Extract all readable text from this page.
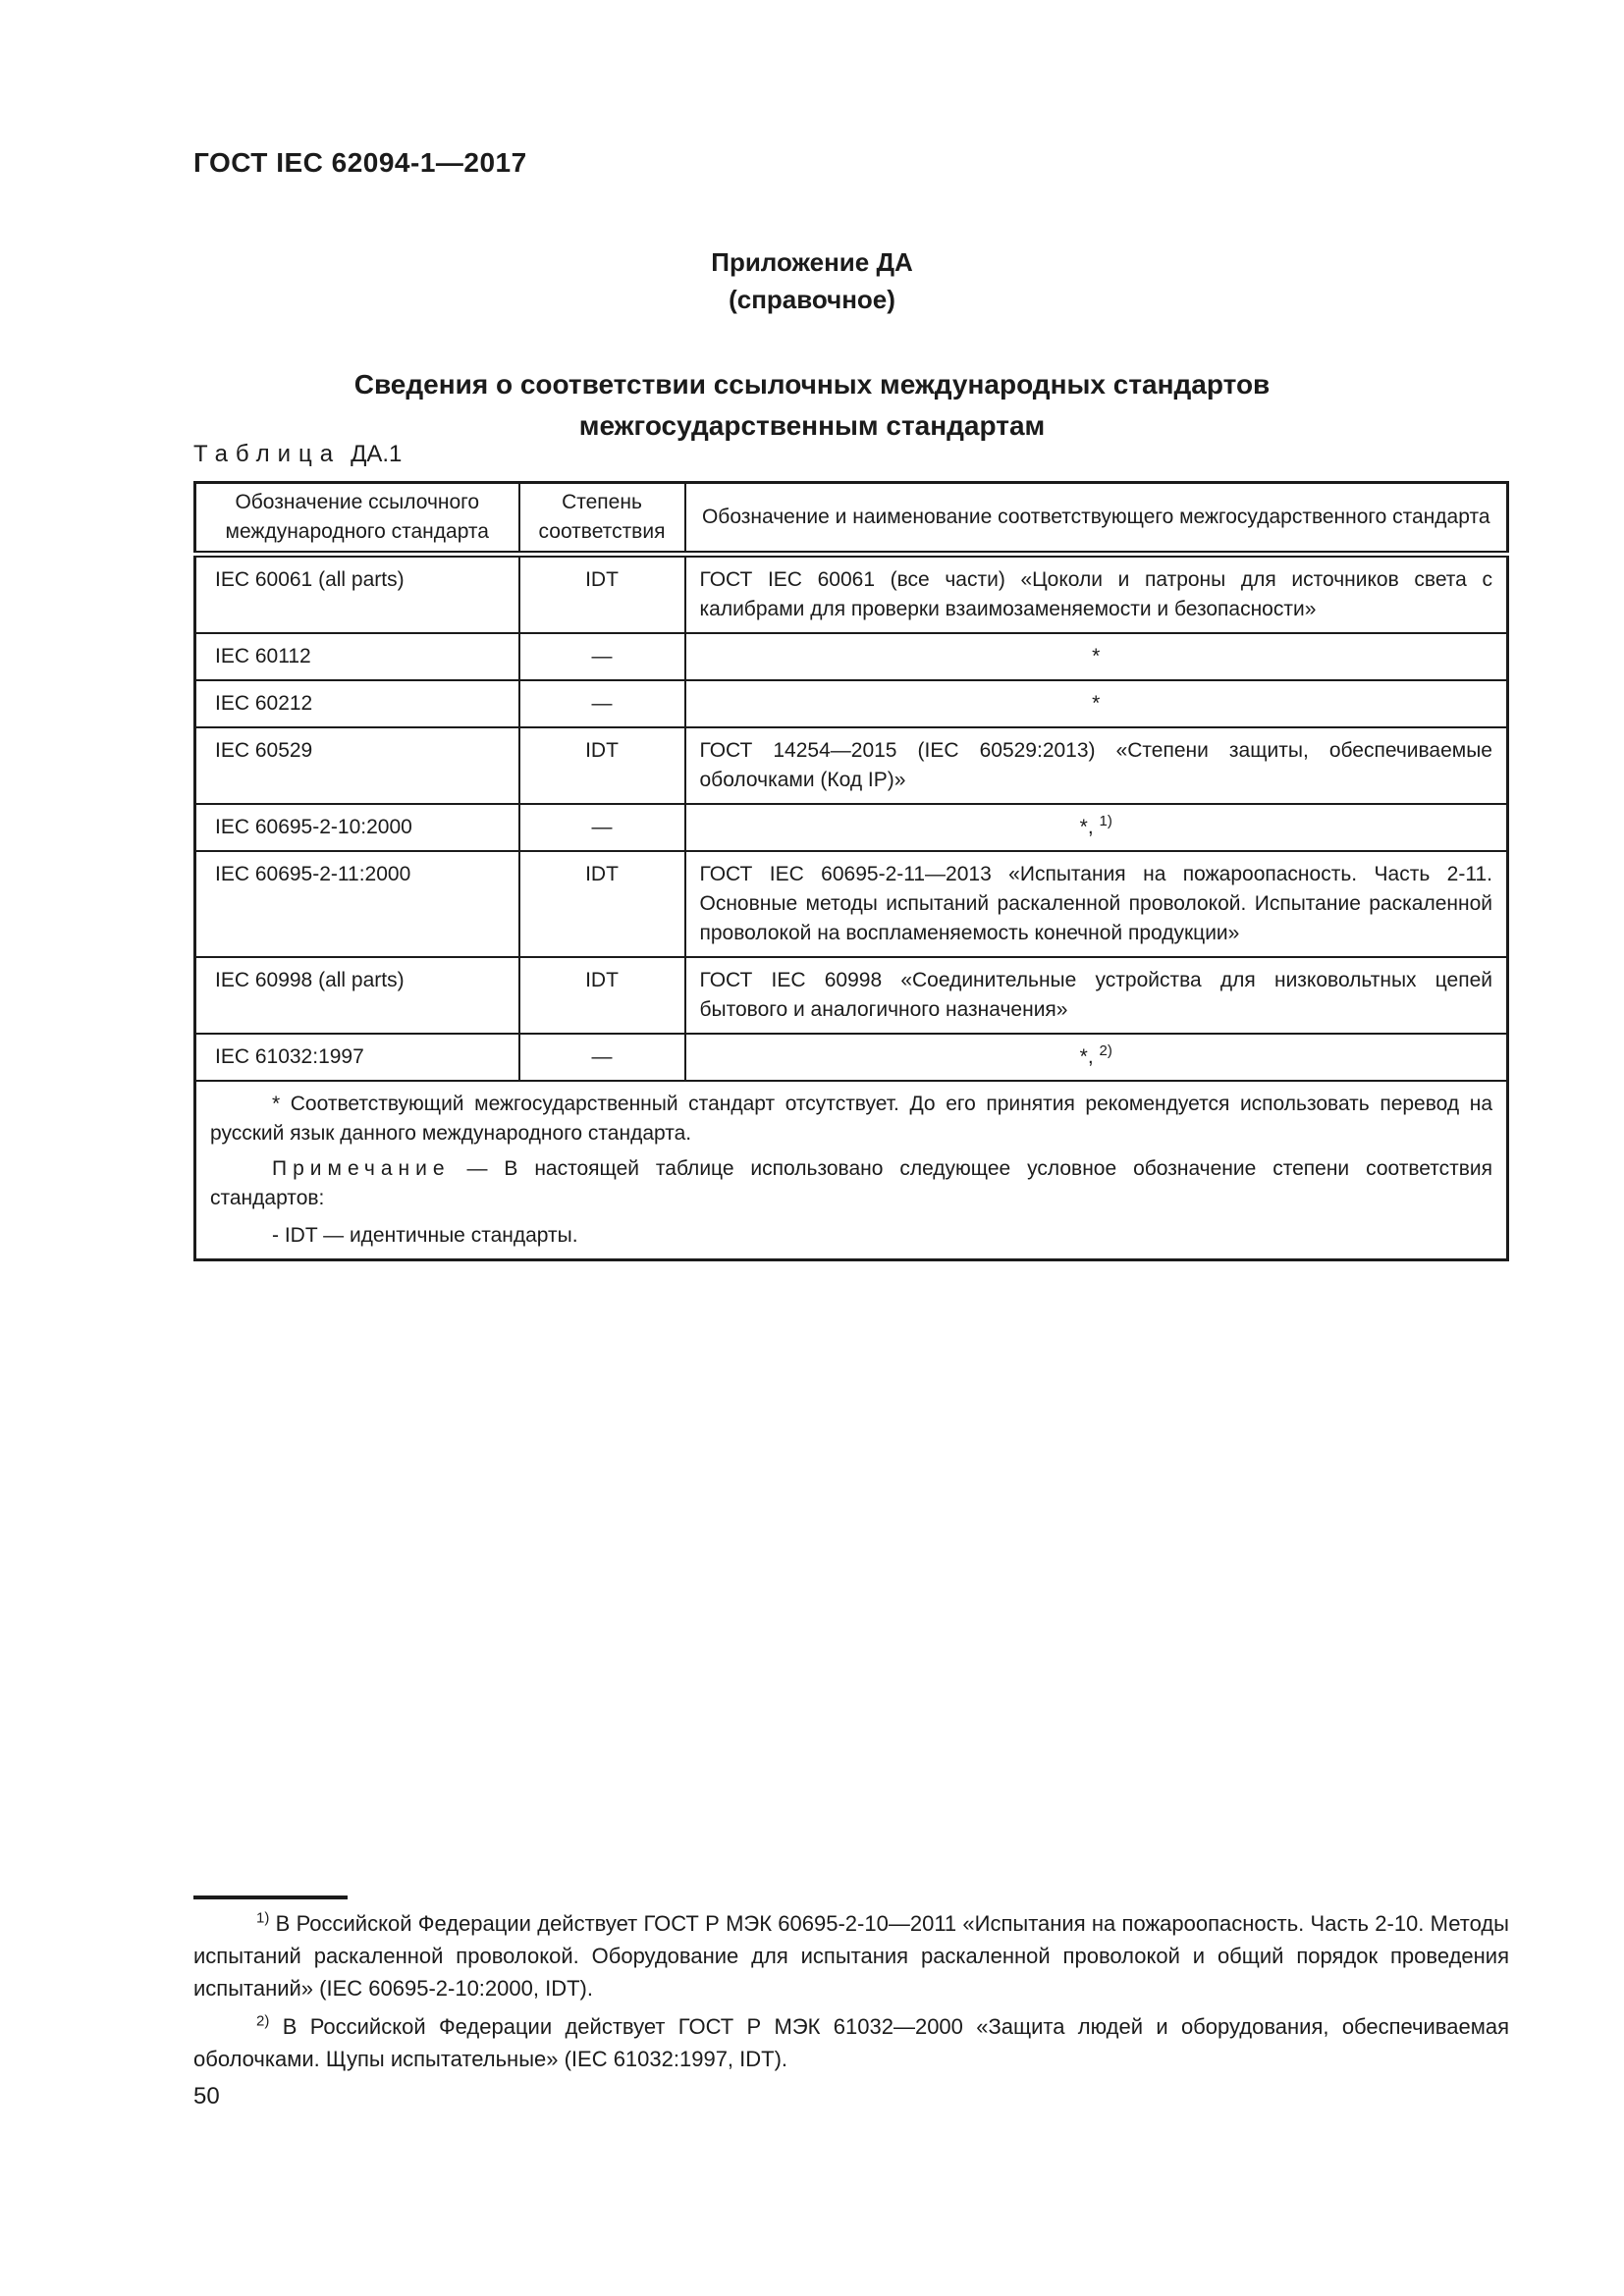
ГОСТ IEC 62094-1—2017
Приложение ДА
(справочное)
Сведения о соответствии ссылочных международных стандартов
межгосударственным стандартам
Таблица ДА.1
Обозначение ссылочного международного стандарта	Степень соответствия	Обозначение и наименование соответствующего межгосударственного стандарта
IEC 60061 (all parts)	IDT	ГОСТ IEC 60061 (все части) «Цоколи и патроны для источников света с калибрами для проверки взаимозаменяемости и безопасности»
IEC 60112	—	*
IEC 60212	—	*
IEC 60529	IDT	ГОСТ 14254—2015 (IEC 60529:2013) «Степени защиты, обеспечиваемые оболочками (Код IP)»
IEC 60695-2-10:2000	—	*, $^{1)}$
IEC 60695-2-11:2000	IDT	ГОСТ IEC 60695-2-11—2013 «Испытания на пожароопасность. Часть 2-11. Основные методы испытаний раскаленной проволокой. Испытание раскаленной проволокой на воспламеняемость конечной продукции»
IEC 60998 (all parts)	IDT	ГОСТ IEC 60998 «Соединительные устройства для низковольтных цепей бытового и аналогичного назначения»
IEC 61032:1997	—	*, $^{2)}$

* Соответствующий межгосударственный стандарт отсутствует. До его принятия рекомендуется использовать перевод на русский язык данного международного стандарта.

Примечание — В настоящей таблице использовано следующее условное обозначение степени соответствия стандартов:

- IDT — идентичные стандарты.		

$^{1)}$ В Российской Федерации действует ГОСТ Р МЭК 60695-2-10—2011 «Испытания на пожароопасность. Часть 2-10. Методы испытаний раскаленной проволокой. Оборудование для испытания раскаленной проволокой и общий порядок проведения испытаний» (IEC 60695-2-10:2000, IDT).

$^{2)}$ В Российской Федерации действует ГОСТ Р МЭК 61032—2000 «Защита людей и оборудования, обеспечиваемая оболочками. Щупы испытательные» (IEC 61032:1997, IDT).

50
